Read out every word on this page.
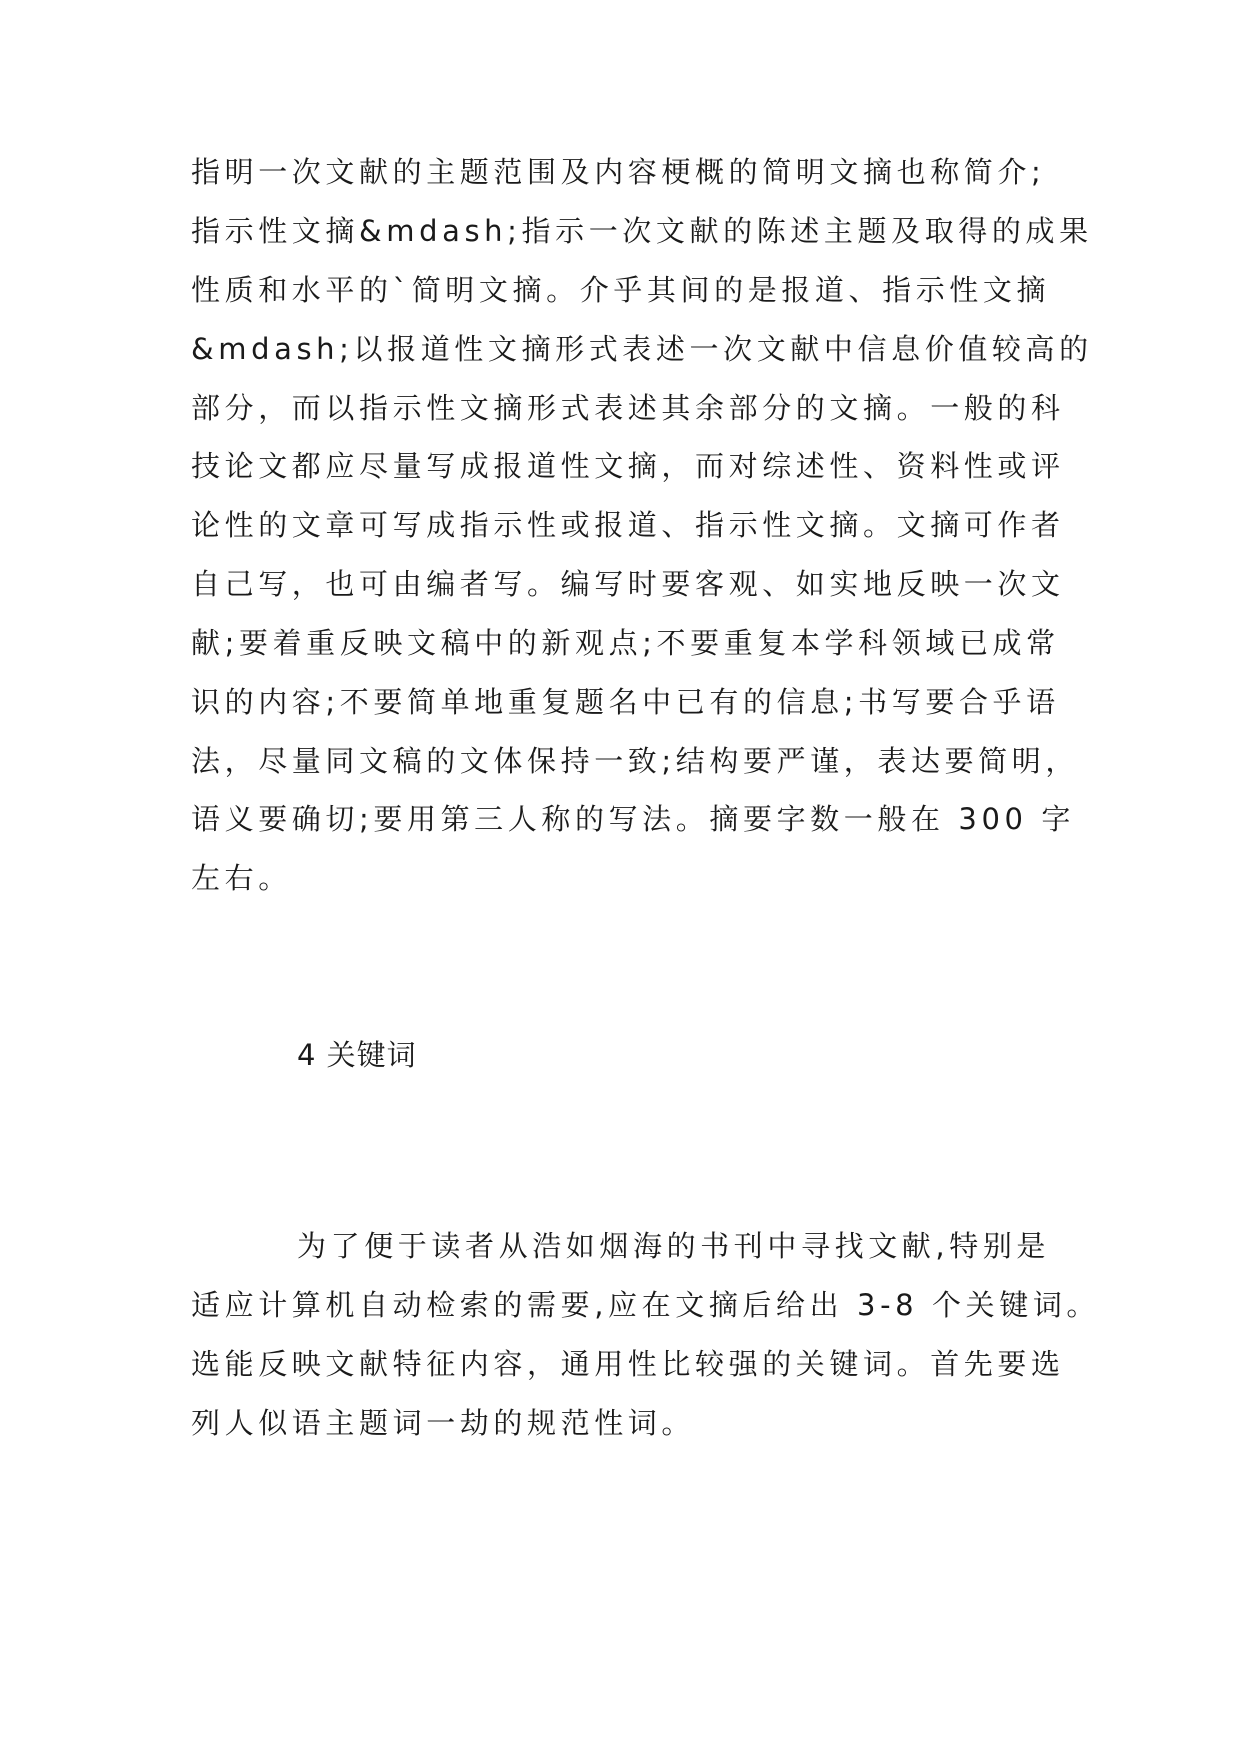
指明一次文献的主题范围及内容梗概的简明文摘也称简介;
指示性文摘&mdash;指示一次文献的陈述主题及取得的成果
性质和水平的`简明文摘。介乎其间的是报道、指示性文摘
&mdash;以报道性文摘形式表述一次文献中信息价值较高的
部分，而以指示性文摘形式表述其余部分的文摘。一般的科
技论文都应尽量写成报道性文摘，而对综述性、资料性或评
论性的文章可写成指示性或报道、指示性文摘。文摘可作者
自己写，也可由编者写。编写时要客观、如实地反映一次文
献;要着重反映文稿中的新观点;不要重复本学科领域已成常
识的内容;不要简单地重复题名中已有的信息;书写要合乎语
法，尽量同文稿的文体保持一致;结构要严谨，表达要简明，
语义要确切;要用第三人称的写法。摘要字数一般在 300 字
左右。
4 关键词
为了便于读者从浩如烟海的书刊中寻找文献,特别是
适应计算机自动检索的需要,应在文摘后给出 3-8 个关键词。
选能反映文献特征内容，通用性比较强的关键词。首先要选
列人似语主题词一劫的规范性词。
